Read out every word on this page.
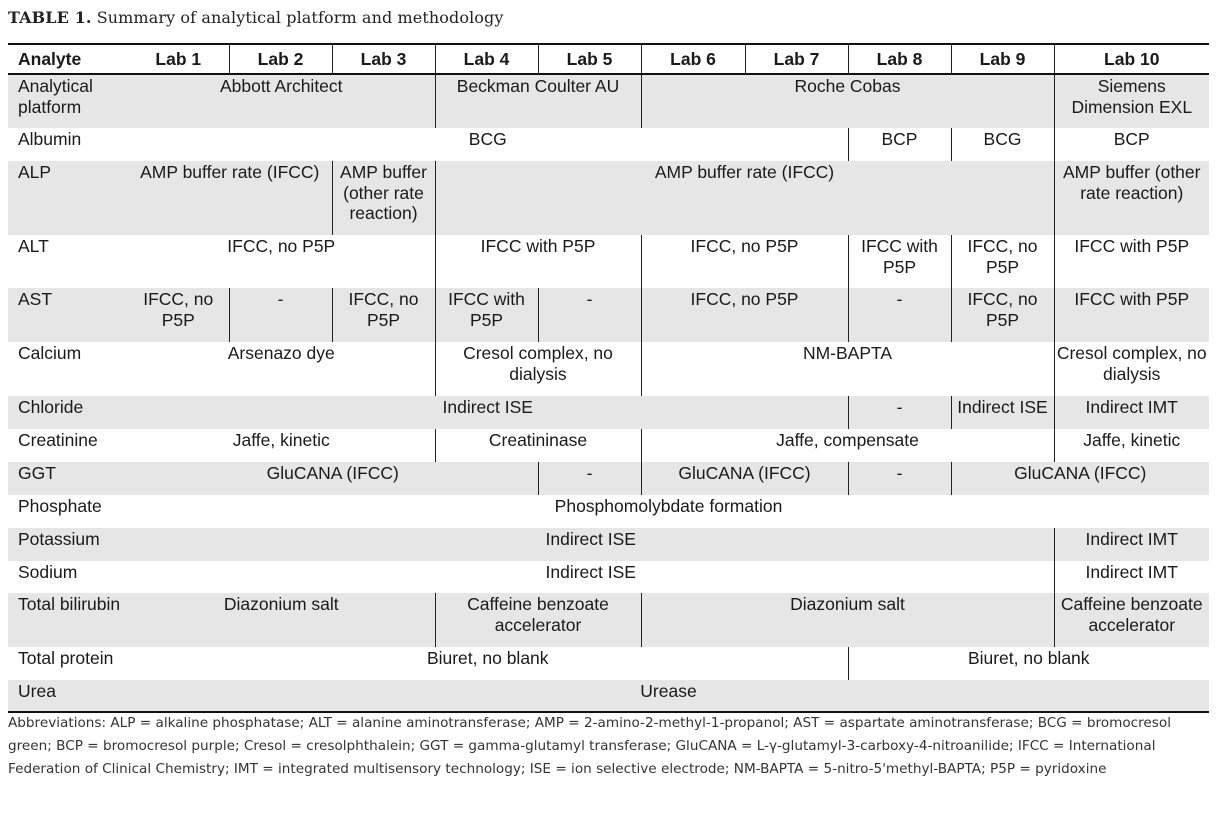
TABLE 1. Summary of analytical platform and methodology
Analyte	Lab 1	Lab 2	Lab 3	Lab 4	Lab 5	Lab 6	Lab 7	Lab 8	Lab 9	Lab 10
Analytical platform	Abbott Architect			Beckman Coulter AU		Roche Cobas				Siemens Dimension EXL
Albumin	BCG							BCP	BCG	BCP
ALP	AMP buffer rate (IFCC)		AMP buffer (other rate reaction)	AMP buffer rate (IFCC)						AMP buffer (other rate reaction)
ALT	IFCC, no P5P			IFCC with P5P		IFCC, no P5P		IFCC with P5P	IFCC, no P5P	IFCC with P5P
AST	IFCC, no P5P	-	IFCC, no P5P	IFCC with P5P	-	IFCC, no P5P		-	IFCC, no P5P	IFCC with P5P
Calcium	Arsenazo dye			Cresol complex, no dialysis		NM-BAPTA				Cresol complex, no dialysis
Chloride	Indirect ISE							-	Indirect ISE	Indirect IMT
Creatinine	Jaffe, kinetic			Creatininase		Jaffe, compensate				Jaffe, kinetic
GGT	GluCANA (IFCC)				-	GluCANA (IFCC)		-	GluCANA (IFCC)	
Phosphate	Phosphomolybdate formation									
Potassium	Indirect ISE									Indirect IMT
Sodium	Indirect ISE									Indirect IMT
Total bilirubin	Diazonium salt			Caffeine benzoate accelerator		Diazonium salt				Caffeine benzoate accelerator
Total protein	Biuret, no blank							Biuret, no blank		
Urea	Urease									
Abbreviations: ALP = alkaline phosphatase; ALT = alanine aminotransferase; AMP = 2-amino-2-methyl-1-propanol; AST = aspartate aminotransferase; BCG = bromocresol green; BCP = bromocresol purple; Cresol = cresolphthalein; GGT = gamma-glutamyl transferase; GluCANA = L-γ-glutamyl-3-carboxy-4-nitroanilide; IFCC = International Federation of Clinical Chemistry; IMT = integrated multisensory technology; ISE = ion selective electrode; NM-BAPTA = 5-nitro-5'methyl-BAPTA; P5P = pyridoxine
